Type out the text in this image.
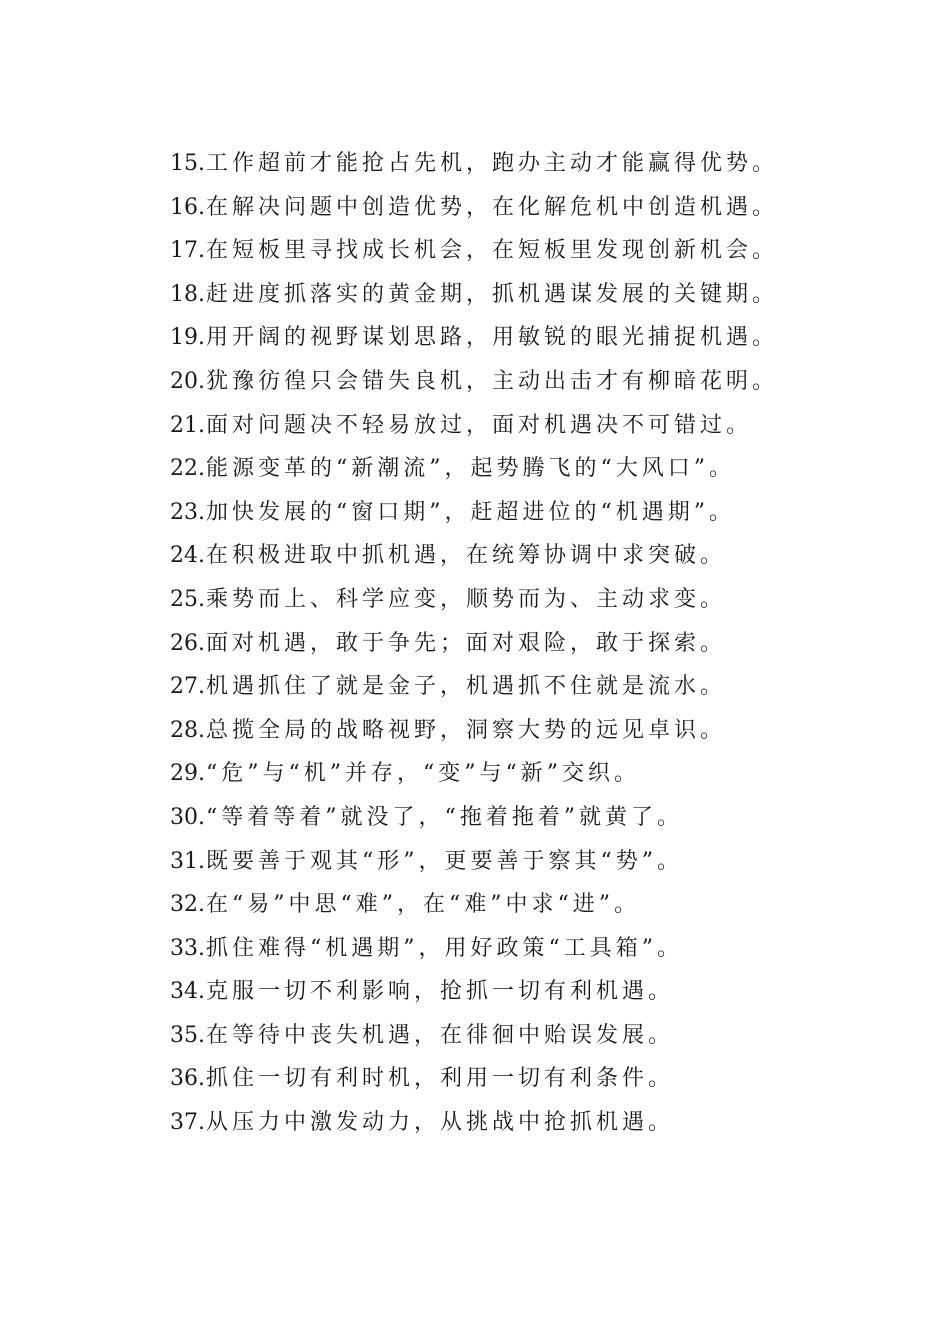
15. 工作超前才能抢占先机，跑办主动才能赢得优势。
16. 在解决问题中创造优势，在化解危机中创造机遇。
17. 在短板里寻找成长机会，在短板里发现创新机会。
18. 赶进度抓落实的黄金期，抓机遇谋发展的关键期。
19. 用开阔的视野谋划思路，用敏锐的眼光捕捉机遇。
20. 犹豫彷徨只会错失良机，主动出击才有柳暗花明。
21. 面对问题决不轻易放过，面对机遇决不可错过。
22. 能源变革的“新潮流”，起势腾飞的“大风口”。
23. 加快发展的“窗口期”，赶超进位的“机遇期”。
24. 在积极进取中抓机遇，在统筹协调中求突破。
25. 乘势而上、科学应变，顺势而为、主动求变。
26. 面对机遇，敢于争先；面对艰险，敢于探索。
27. 机遇抓住了就是金子，机遇抓不住就是流水。
28. 总揽全局的战略视野，洞察大势的远见卓识。
29. “危”与“机”并存，“变”与“新”交织。
30. “等着等着”就没了，“拖着拖着”就黄了。
31. 既要善于观其“形”，更要善于察其“势”。
32. 在“易”中思“难”，在“难”中求“进”。
33. 抓住难得“机遇期”，用好政策“工具箱”。
34. 克服一切不利影响，抢抓一切有利机遇。
35. 在等待中丧失机遇，在徘徊中贻误发展。
36. 抓住一切有利时机，利用一切有利条件。
37. 从压力中激发动力，从挑战中抢抓机遇。
